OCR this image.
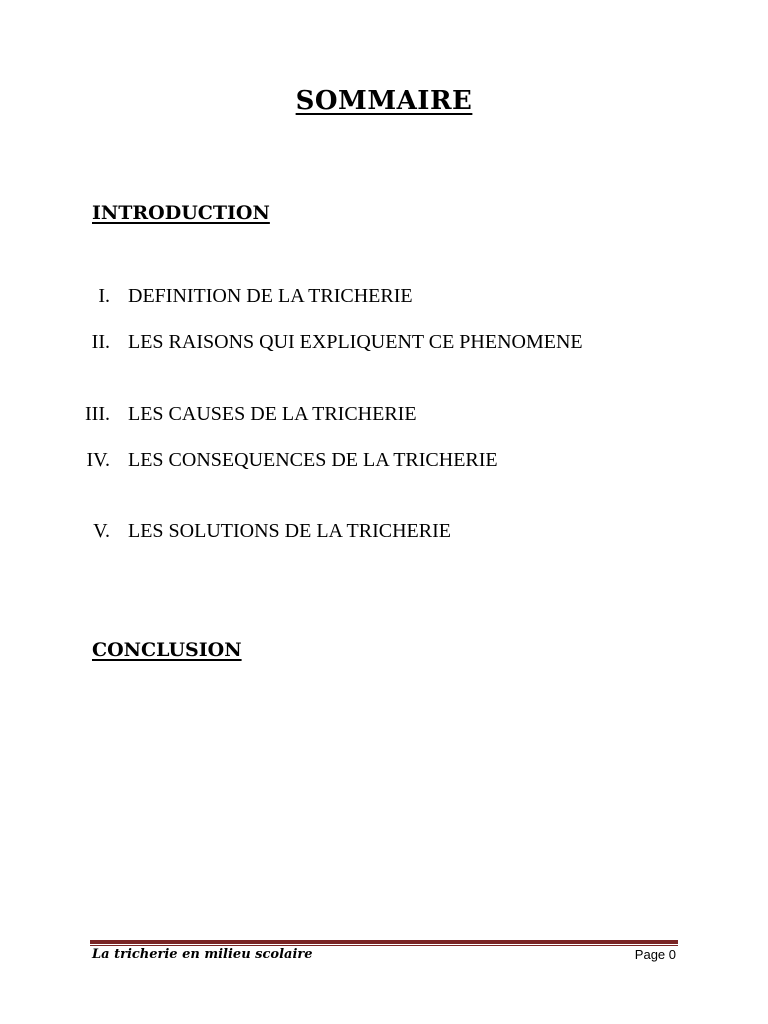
SOMMAIRE
INTRODUCTION
I. DEFINITION DE LA TRICHERIE
II. LES RAISONS QUI EXPLIQUENT CE PHENOMENE
III. LES CAUSES DE LA TRICHERIE
IV. LES CONSEQUENCES DE LA TRICHERIE
V. LES SOLUTIONS DE LA TRICHERIE
CONCLUSION
La tricherie en milieu scolaire	Page 0
